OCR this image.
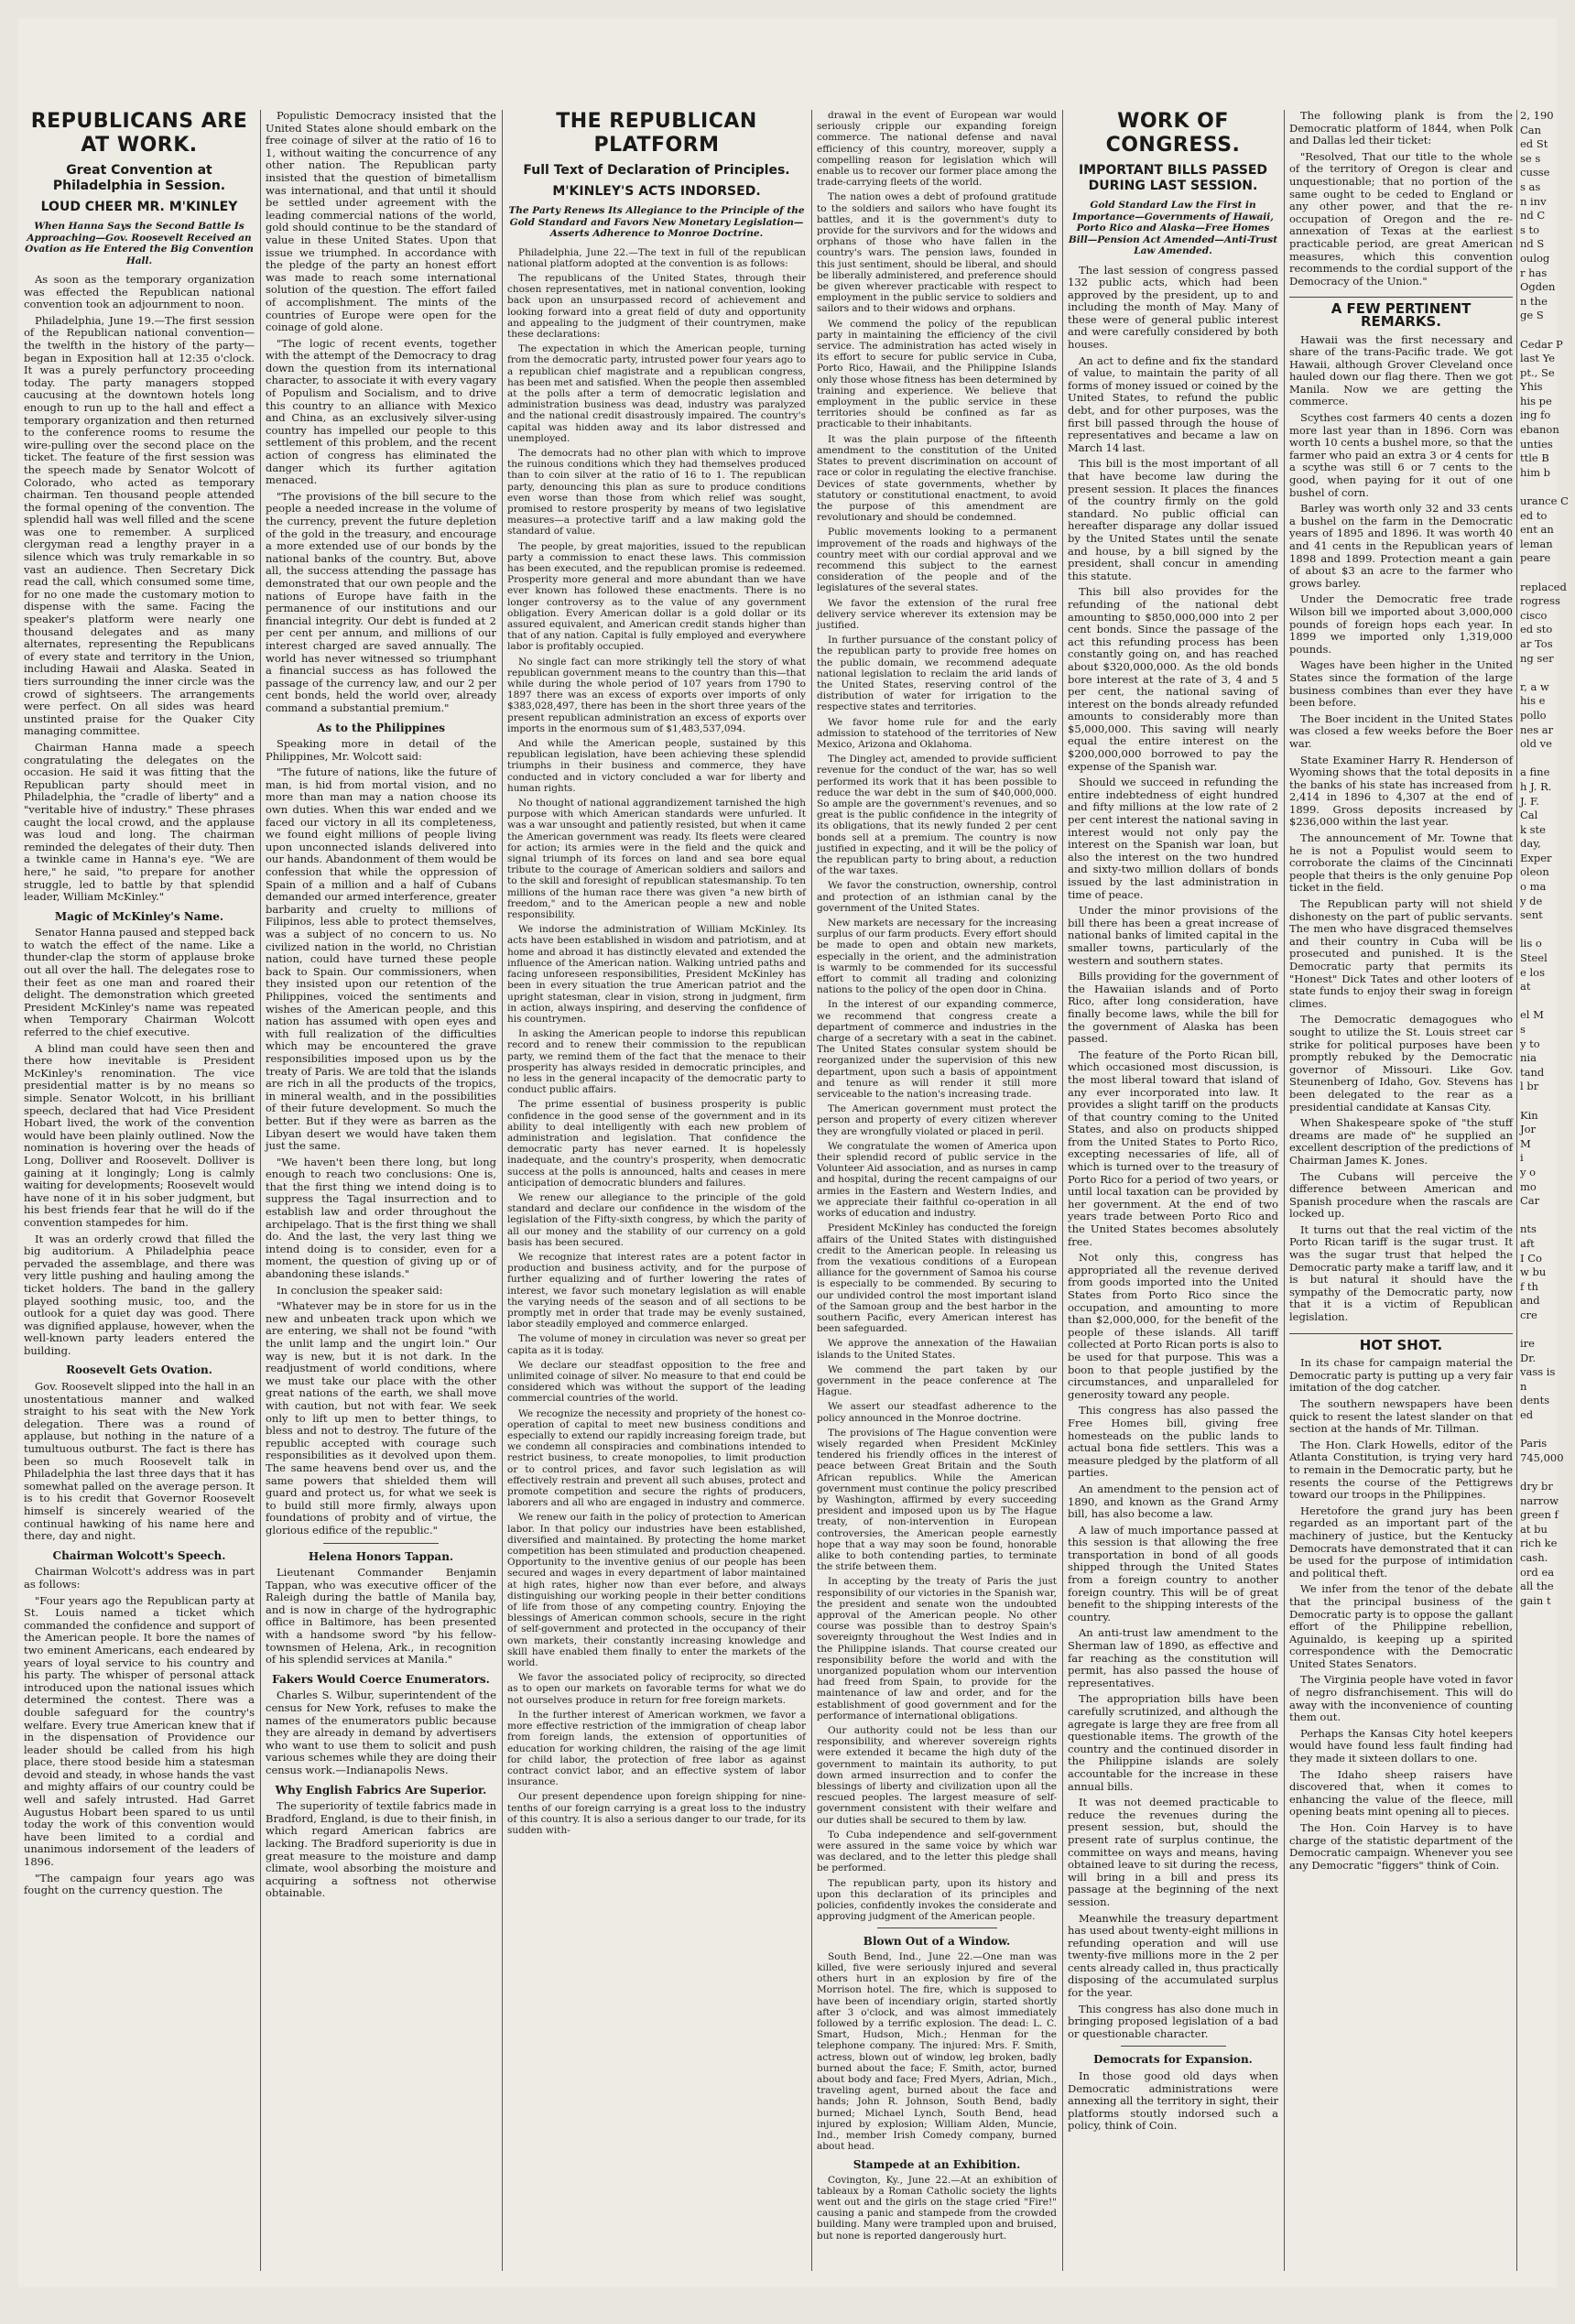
REPUBLICANS ARE AT WORK.
Great Convention at Philadelphia in Session.
LOUD CHEER MR. M'KINLEY
When Hanna Says the Second Battle Is Approaching—Gov. Roosevelt Received an Ovation as He Entered the Big Convention Hall.

As soon as the temporary organization was effected the Republican national convention took an adjournment to noon.

Philadelphia, June 19.—The first session of the Republican national convention—the twelfth in the history of the party—began in Exposition hall at 12:35 o'clock. It was a purely perfunctory proceeding today. The party managers stopped caucusing at the downtown hotels long enough to run up to the hall and effect a temporary organization and then returned to the conference rooms to resume the wire-pulling over the second place on the ticket. The feature of the first session was the speech made by Senator Wolcott of Colorado, who acted as temporary chairman. Ten thousand people attended the formal opening of the convention. The splendid hall was well filled and the scene was one to remember. A surpliced clergyman read a lengthy prayer in a silence which was truly remarkable in so vast an audience. Then Secretary Dick read the call, which consumed some time, for no one made the customary motion to dispense with the same. Facing the speaker's platform were nearly one thousand delegates and as many alternates, representing the Republicans of every state and territory in the Union, including Hawaii and Alaska. Seated in tiers surrounding the inner circle was the crowd of sightseers. The arrangements were perfect. On all sides was heard unstinted praise for the Quaker City managing committee.

Chairman Hanna made a speech congratulating the delegates on the occasion. He said it was fitting that the Republican party should meet in Philadelphia, the "cradle of liberty" and a "veritable hive of industry." These phrases caught the local crowd, and the applause was loud and long. The chairman reminded the delegates of their duty. Then a twinkle came in Hanna's eye. "We are here," he said, "to prepare for another struggle, led to battle by that splendid leader, William McKinley."

Magic of McKinley's Name.

Senator Hanna paused and stepped back to watch the effect of the name. Like a thunder-clap the storm of applause broke out all over the hall. The delegates rose to their feet as one man and roared their delight. The demonstration which greeted President McKinley's name was repeated when Temporary Chairman Wolcott referred to the chief executive.

A blind man could have seen then and there how inevitable is President McKinley's renomination. The vice presidential matter is by no means so simple. Senator Wolcott, in his brilliant speech, declared that had Vice President Hobart lived, the work of the convention would have been plainly outlined. Now the nomination is hovering over the heads of Long, Dolliver and Roosevelt. Dolliver is gaining at it longingly; Long is calmly waiting for developments; Roosevelt would have none of it in his sober judgment, but his best friends fear that he will do if the convention stampedes for him.

It was an orderly crowd that filled the big auditorium. A Philadelphia peace pervaded the assemblage, and there was very little pushing and hauling among the ticket holders. The band in the gallery played soothing music, too, and the outlook for a quiet day was good. There was dignified applause, however, when the well-known party leaders entered the building.

Roosevelt Gets Ovation.

Gov. Roosevelt slipped into the hall in an unostentatious manner and walked straight to his seat with the New York delegation. There was a round of applause, but nothing in the nature of a tumultuous outburst. The fact is there has been so much Roosevelt talk in Philadelphia the last three days that it has somewhat palled on the average person. It is to his credit that Governor Roosevelt himself is sincerely wearied of the continual hawking of his name here and there, day and night.

Chairman Wolcott's Speech.

Chairman Wolcott's address was in part as follows:

"Four years ago the Republican party at St. Louis named a ticket which commanded the confidence and support of the American people. It bore the names of two eminent Americans, each endeared by years of loyal service to his country and his party. The whisper of personal attack introduced upon the national issues which determined the contest. There was a double safeguard for the country's welfare. Every true American knew that if in the dispensation of Providence our leader should be called from his high place, there stood beside him a statesman devoid and steady, in whose hands the vast and mighty affairs of our country could be well and safely intrusted. Had Garret Augustus Hobart been spared to us until today the work of this convention would have been limited to a cordial and unanimous indorsement of the leaders of 1896.

"The campaign four years ago was fought on the currency question. The

Populistic Democracy insisted that the United States alone should embark on the free coinage of silver at the ratio of 16 to 1, without waiting the concurrence of any other nation. The Republican party insisted that the question of bimetallism was international, and that until it should be settled under agreement with the leading commercial nations of the world, gold should continue to be the standard of value in these United States. Upon that issue we triumphed. In accordance with the pledge of the party an honest effort was made to reach some international solution of the question. The effort failed of accomplishment. The mints of the countries of Europe were open for the coinage of gold alone.

"The logic of recent events, together with the attempt of the Democracy to drag down the question from its international character, to associate it with every vagary of Populism and Socialism, and to drive this country to an alliance with Mexico and China, as an exclusively silver-using country has impelled our people to this settlement of this problem, and the recent action of congress has eliminated the danger which its further agitation menaced.

"The provisions of the bill secure to the people a needed increase in the volume of the currency, prevent the future depletion of the gold in the treasury, and encourage a more extended use of our bonds by the national banks of the country. But, above all, the success attending the passage has demonstrated that our own people and the nations of Europe have faith in the permanence of our institutions and our financial integrity. Our debt is funded at 2 per cent per annum, and millions of our interest charged are saved annually. The world has never witnessed so triumphant a financial success as has followed the passage of the currency law, and our 2 per cent bonds, held the world over, already command a substantial premium."

As to the Philippines

Speaking more in detail of the Philippines, Mr. Wolcott said:

"The future of nations, like the future of man, is hid from mortal vision, and no more than man may a nation choose its own duties. When this war ended and we faced our victory in all its completeness, we found eight millions of people living upon unconnected islands delivered into our hands. Abandonment of them would be confession that while the oppression of Spain of a million and a half of Cubans demanded our armed interference, greater barbarity and cruelty to millions of Filipinos, less able to protect themselves, was a subject of no concern to us. No civilized nation in the world, no Christian nation, could have turned these people back to Spain. Our commissioners, when they insisted upon our retention of the Philippines, voiced the sentiments and wishes of the American people, and this nation has assumed with open eyes and with full realization of the difficulties which may be encountered the grave responsibilities imposed upon us by the treaty of Paris. We are told that the islands are rich in all the products of the tropics, in mineral wealth, and in the possibilities of their future development. So much the better. But if they were as barren as the Libyan desert we would have taken them just the same.

"We haven't been there long, but long enough to reach two conclusions: One is, that the first thing we intend doing is to suppress the Tagal insurrection and to establish law and order throughout the archipelago. That is the first thing we shall do. And the last, the very last thing we intend doing is to consider, even for a moment, the question of giving up or of abandoning these islands."

In conclusion the speaker said:

"Whatever may be in store for us in the new and unbeaten track upon which we are entering, we shall not be found "with the unlit lamp and the ungirt loin." Our way is new, but it is not dark. In the readjustment of world conditions, where we must take our place with the other great nations of the earth, we shall move with caution, but not with fear. We seek only to lift up men to better things, to bless and not to destroy. The future of the republic accepted with courage such responsibilities as it devolved upon them. The same heavens bend over us, and the same powers that shielded them will guard and protect us, for what we seek is to build still more firmly, always upon foundations of probity and of virtue, the glorious edifice of the republic."

Helena Honors Tappan.

Lieutenant Commander Benjamin Tappan, who was executive officer of the Raleigh during the battle of Manila bay, and is now in charge of the hydrographic office in Baltimore, has been presented with a handsome sword "by his fellow-townsmen of Helena, Ark., in recognition of his splendid services at Manila."

Fakers Would Coerce Enumerators.

Charles S. Wilbur, superintendent of the census for New York, refuses to make the names of the enumerators public because they are already in demand by advertisers who want to use them to solicit and push various schemes while they are doing their census work.—Indianapolis News.

Why English Fabrics Are Superior.

The superiority of textile fabrics made in Bradford, England, is due to their finish, in which regard American fabrics are lacking. The Bradford superiority is due in great measure to the moisture and damp climate, wool absorbing the moisture and acquiring a softness not otherwise obtainable.

THE REPUBLICAN PLATFORM
Full Text of Declaration of Principles.
M'KINLEY'S ACTS INDORSED.
The Party Renews Its Allegiance to the Principle of the Gold Standard and Favors New Monetary Legislation—Asserts Adherence to Monroe Doctrine.

Philadelphia, June 22.—The text in full of the republican national platform adopted at the convention is as follows:

The republicans of the United States, through their chosen representatives, met in national convention, looking back upon an unsurpassed record of achievement and looking forward into a great field of duty and opportunity and appealing to the judgment of their countrymen, make these declarations:

The expectation in which the American people, turning from the democratic party, intrusted power four years ago to a republican chief magistrate and a republican congress, has been met and satisfied. When the people then assembled at the polls after a term of democratic legislation and administration business was dead, industry was paralyzed and the national credit disastrously impaired. The country's capital was hidden away and its labor distressed and unemployed.

The democrats had no other plan with which to improve the ruinous conditions which they had themselves produced than to coin silver at the ratio of 16 to 1. The republican party, denouncing this plan as sure to produce conditions even worse than those from which relief was sought, promised to restore prosperity by means of two legislative measures—a protective tariff and a law making gold the standard of value.

The people, by great majorities, issued to the republican party a commission to enact these laws. This commission has been executed, and the republican promise is redeemed. Prosperity more general and more abundant than we have ever known has followed these enactments. There is no longer controversy as to the value of any government obligation. Every American dollar is a gold dollar or its assured equivalent, and American credit stands higher than that of any nation. Capital is fully employed and everywhere labor is profitably occupied.

No single fact can more strikingly tell the story of what republican government means to the country than this—that while during the whole period of 107 years from 1790 to 1897 there was an excess of exports over imports of only $383,028,497, there has been in the short three years of the present republican administration an excess of exports over imports in the enormous sum of $1,483,537,094.

And while the American people, sustained by this republican legislation, have been achieving these splendid triumphs in their business and commerce, they have conducted and in victory concluded a war for liberty and human rights.

No thought of national aggrandizement tarnished the high purpose with which American standards were unfurled. It was a war unsought and patiently resisted, but when it came the American government was ready. Its fleets were cleared for action; its armies were in the field and the quick and signal triumph of its forces on land and sea bore equal tribute to the courage of American soldiers and sailors and to the skill and foresight of republican statesmanship. To ten millions of the human race there was given "a new birth of freedom," and to the American people a new and noble responsibility.

We indorse the administration of William McKinley. Its acts have been established in wisdom and patriotism, and at home and abroad it has distinctly elevated and extended the influence of the American nation. Walking untried paths and facing unforeseen responsibilities, President McKinley has been in every situation the true American patriot and the upright statesman, clear in vision, strong in judgment, firm in action, always inspiring, and deserving the confidence of his countrymen.

In asking the American people to indorse this republican record and to renew their commission to the republican party, we remind them of the fact that the menace to their prosperity has always resided in democratic principles, and no less in the general incapacity of the democratic party to conduct public affairs.

The prime essential of business prosperity is public confidence in the good sense of the government and in its ability to deal intelligently with each new problem of administration and legislation. That confidence the democratic party has never earned. It is hopelessly inadequate, and the country's prosperity, when democratic success at the polls is announced, halts and ceases in mere anticipation of democratic blunders and failures.

We renew our allegiance to the principle of the gold standard and declare our confidence in the wisdom of the legislation of the Fifty-sixth congress, by which the parity of all our money and the stability of our currency on a gold basis has been secured.

We recognize that interest rates are a potent factor in production and business activity, and for the purpose of further equalizing and of further lowering the rates of interest, we favor such monetary legislation as will enable the varying needs of the season and of all sections to be promptly met in order that trade may be evenly sustained, labor steadily employed and commerce enlarged.

The volume of money in circulation was never so great per capita as it is today.

We declare our steadfast opposition to the free and unlimited coinage of silver. No measure to that end could be considered which was without the support of the leading commercial countries of the world.

We recognize the necessity and propriety of the honest co-operation of capital to meet new business conditions and especially to extend our rapidly increasing foreign trade, but we condemn all conspiracies and combinations intended to restrict business, to create monopolies, to limit production or to control prices, and favor such legislation as will effectively restrain and prevent all such abuses, protect and promote competition and secure the rights of producers, laborers and all who are engaged in industry and commerce.

We renew our faith in the policy of protection to American labor. In that policy our industries have been established, diversified and maintained. By protecting the home market competition has been stimulated and production cheapened. Opportunity to the inventive genius of our people has been secured and wages in every department of labor maintained at high rates, higher now than ever before, and always distinguishing our working people in their better conditions of life from those of any competing country. Enjoying the blessings of American common schools, secure in the right of self-government and protected in the occupancy of their own markets, their constantly increasing knowledge and skill have enabled them finally to enter the markets of the world.

We favor the associated policy of reciprocity, so directed as to open our markets on favorable terms for what we do not ourselves produce in return for free foreign markets.

In the further interest of American workmen, we favor a more effective restriction of the immigration of cheap labor from foreign lands, the extension of opportunities of education for working children, the raising of the age limit for child labor, the protection of free labor as against contract convict labor, and an effective system of labor insurance.

Our present dependence upon foreign shipping for nine-tenths of our foreign carrying is a great loss to the industry of this country. It is also a serious danger to our trade, for its sudden with-

drawal in the event of European war would seriously cripple our expanding foreign commerce. The national defense and naval efficiency of this country, moreover, supply a compelling reason for legislation which will enable us to recover our former place among the trade-carrying fleets of the world.

The nation owes a debt of profound gratitude to the soldiers and sailors who have fought its battles, and it is the government's duty to provide for the survivors and for the widows and orphans of those who have fallen in the country's wars. The pension laws, founded in this just sentiment, should be liberal, and should be liberally administered, and preference should be given wherever practicable with respect to employment in the public service to soldiers and sailors and to their widows and orphans.

We commend the policy of the republican party in maintaining the efficiency of the civil service. The administration has acted wisely in its effort to secure for public service in Cuba, Porto Rico, Hawaii, and the Philippine Islands only those whose fitness has been determined by training and experience. We believe that employment in the public service in these territories should be confined as far as practicable to their inhabitants.

It was the plain purpose of the fifteenth amendment to the constitution of the United States to prevent discrimination on account of race or color in regulating the elective franchise. Devices of state governments, whether by statutory or constitutional enactment, to avoid the purpose of this amendment are revolutionary and should be condemned.

Public movements looking to a permanent improvement of the roads and highways of the country meet with our cordial approval and we recommend this subject to the earnest consideration of the people and of the legislatures of the several states.

We favor the extension of the rural free delivery service wherever its extension may be justified.

In further pursuance of the constant policy of the republican party to provide free homes on the public domain, we recommend adequate national legislation to reclaim the arid lands of the United States, reserving control of the distribution of water for irrigation to the respective states and territories.

We favor home rule for and the early admission to statehood of the territories of New Mexico, Arizona and Oklahoma.

The Dingley act, amended to provide sufficient revenue for the conduct of the war, has so well performed its work that it has been possible to reduce the war debt in the sum of $40,000,000. So ample are the government's revenues, and so great is the public confidence in the integrity of its obligations, that its newly funded 2 per cent bonds sell at a premium. The country is now justified in expecting, and it will be the policy of the republican party to bring about, a reduction of the war taxes.

We favor the construction, ownership, control and protection of an isthmian canal by the government of the United States.

New markets are necessary for the increasing surplus of our farm products. Every effort should be made to open and obtain new markets, especially in the orient, and the administration is warmly to be commended for its successful effort to commit all trading and colonizing nations to the policy of the open door in China.

In the interest of our expanding commerce, we recommend that congress create a department of commerce and industries in the charge of a secretary with a seat in the cabinet. The United States consular system should be reorganized under the supervision of this new department, upon such a basis of appointment and tenure as will render it still more serviceable to the nation's increasing trade.

The American government must protect the person and property of every citizen wherever they are wrongfully violated or placed in peril.

We congratulate the women of America upon their splendid record of public service in the Volunteer Aid association, and as nurses in camp and hospital, during the recent campaigns of our armies in the Eastern and Western Indies, and we appreciate their faithful co-operation in all works of education and industry.

President McKinley has conducted the foreign affairs of the United States with distinguished credit to the American people. In releasing us from the vexatious conditions of a European alliance for the government of Samoa his course is especially to be commended. By securing to our undivided control the most important island of the Samoan group and the best harbor in the southern Pacific, every American interest has been safeguarded.

We approve the annexation of the Hawaiian islands to the United States.

We commend the part taken by our government in the peace conference at The Hague.

We assert our steadfast adherence to the policy announced in the Monroe doctrine.

The provisions of The Hague convention were wisely regarded when President McKinley tendered his friendly offices in the interest of peace between Great Britain and the South African republics. While the American government must continue the policy prescribed by Washington, affirmed by every succeeding president and imposed upon us by The Hague treaty, of non-intervention in European controversies, the American people earnestly hope that a way may soon be found, honorable alike to both contending parties, to terminate the strife between them.

In accepting by the treaty of Paris the just responsibility of our victories in the Spanish war, the president and senate won the undoubted approval of the American people. No other course was possible than to destroy Spain's sovereignty throughout the West Indies and in the Philippine islands. That course created our responsibility before the world and with the unorganized population whom our intervention had freed from Spain, to provide for the maintenance of law and order, and for the establishment of good government and for the performance of international obligations.

Our authority could not be less than our responsibility, and wherever sovereign rights were extended it became the high duty of the government to maintain its authority, to put down armed insurrection and to confer the blessings of liberty and civilization upon all the rescued peoples. The largest measure of self-government consistent with their welfare and our duties shall be secured to them by law.

To Cuba independence and self-government were assured in the same voice by which war was declared, and to the letter this pledge shall be performed.

The republican party, upon its history and upon this declaration of its principles and policies, confidently invokes the considerate and approving judgment of the American people.

Blown Out of a Window.

South Bend, Ind., June 22.—One man was killed, five were seriously injured and several others hurt in an explosion by fire of the Morrison hotel. The fire, which is supposed to have been of incendiary origin, started shortly after 3 o'clock, and was almost immediately followed by a terrific explosion. The dead: L. C. Smart, Hudson, Mich.; Henman for the telephone company. The injured: Mrs. F. Smith, actress, blown out of window, leg broken, badly burned about the face; F. Smith, actor, burned about body and face; Fred Myers, Adrian, Mich., traveling agent, burned about the face and hands; John R. Johnson, South Bend, badly burned; Michael Lynch, South Bend, head injured by explosion; William Alden, Muncie, Ind., member Irish Comedy company, burned about head.

Stampede at an Exhibition.

Covington, Ky., June 22.—At an exhibition of tableaux by a Roman Catholic society the lights went out and the girls on the stage cried "Fire!" causing a panic and stampede from the crowded building. Many were trampled upon and bruised, but none is reported dangerously hurt.

WORK OF CONGRESS.
IMPORTANT BILLS PASSED DURING LAST SESSION.
Gold Standard Law the First in Importance—Governments of Hawaii, Porto Rico and Alaska—Free Homes Bill—Pension Act Amended—Anti-Trust Law Amended.

The last session of congress passed 132 public acts, which had been approved by the president, up to and including the month of May. Many of these were of general public interest and were carefully considered by both houses.

An act to define and fix the standard of value, to maintain the parity of all forms of money issued or coined by the United States, to refund the public debt, and for other purposes, was the first bill passed through the house of representatives and became a law on March 14 last.

This bill is the most important of all that have become law during the present session. It places the finances of the country firmly on the gold standard. No public official can hereafter disparage any dollar issued by the United States until the senate and house, by a bill signed by the president, shall concur in amending this statute.

This bill also provides for the refunding of the national debt amounting to $850,000,000 into 2 per cent bonds. Since the passage of the act this refunding process has been constantly going on, and has reached about $320,000,000. As the old bonds bore interest at the rate of 3, 4 and 5 per cent, the national saving of interest on the bonds already refunded amounts to considerably more than $5,000,000. This saving will nearly equal the entire interest on the $200,000,000 borrowed to pay the expense of the Spanish war.

Should we succeed in refunding the entire indebtedness of eight hundred and fifty millions at the low rate of 2 per cent interest the national saving in interest would not only pay the interest on the Spanish war loan, but also the interest on the two hundred and sixty-two million dollars of bonds issued by the last administration in time of peace.

Under the minor provisions of the bill there has been a great increase of national banks of limited capital in the smaller towns, particularly of the western and southern states.

Bills providing for the government of the Hawaiian islands and of Porto Rico, after long consideration, have finally become laws, while the bill for the government of Alaska has been passed.

The feature of the Porto Rican bill, which occasioned most discussion, is the most liberal toward that island of any ever incorporated into law. It provides a slight tariff on the products of that country coming to the United States, and also on products shipped from the United States to Porto Rico, excepting necessaries of life, all of which is turned over to the treasury of Porto Rico for a period of two years, or until local taxation can be provided by her government. At the end of two years trade between Porto Rico and the United States becomes absolutely free.

Not only this, congress has appropriated all the revenue derived from goods imported into the United States from Porto Rico since the occupation, and amounting to more than $2,000,000, for the benefit of the people of these islands. All tariff collected at Porto Rican ports is also to be used for that purpose. This was a boon to that people justified by the circumstances, and unparalleled for generosity toward any people.

This congress has also passed the Free Homes bill, giving free homesteads on the public lands to actual bona fide settlers. This was a measure pledged by the platform of all parties.

An amendment to the pension act of 1890, and known as the Grand Army bill, has also become a law.

A law of much importance passed at this session is that allowing the free transportation in bond of all goods shipped through the United States from a foreign country to another foreign country. This will be of great benefit to the shipping interests of the country.

An anti-trust law amendment to the Sherman law of 1890, as effective and far reaching as the constitution will permit, has also passed the house of representatives.

The appropriation bills have been carefully scrutinized, and although the agregate is large they are free from all questionable items. The growth of the country and the continued disorder in the Philippine islands are solely accountable for the increase in these annual bills.

It was not deemed practicable to reduce the revenues during the present session, but, should the present rate of surplus continue, the committee on ways and means, having obtained leave to sit during the recess, will bring in a bill and press its passage at the beginning of the next session.

Meanwhile the treasury department has used about twenty-eight millions in refunding operation and will use twenty-five millions more in the 2 per cents already called in, thus practically disposing of the accumulated surplus for the year.

This congress has also done much in bringing proposed legislation of a bad or questionable character.

Democrats for Expansion.

In those good old days when Democratic administrations were annexing all the territory in sight, their platforms stoutly indorsed such a policy, think of Coin.

The following plank is from the Democratic platform of 1844, when Polk and Dallas led their ticket:

"Resolved, That our title to the whole of the territory of Oregon is clear and unquestionable; that no portion of the same ought to be ceded to England or any other power, and that the re-occupation of Oregon and the re-annexation of Texas at the earliest practicable period, are great American measures, which this convention recommends to the cordial support of the Democracy of the Union."

A FEW PERTINENT REMARKS.

Hawaii was the first necessary and share of the trans-Pacific trade. We got Hawaii, although Grover Cleveland once hauled down our flag there. Then we got Manila. Now we are getting the commerce.

Scythes cost farmers 40 cents a dozen more last year than in 1896. Corn was worth 10 cents a bushel more, so that the farmer who paid an extra 3 or 4 cents for a scythe was still 6 or 7 cents to the good, when paying for it out of one bushel of corn.

Barley was worth only 32 and 33 cents a bushel on the farm in the Democratic years of 1895 and 1896. It was worth 40 and 41 cents in the Republican years of 1898 and 1899. Protection meant a gain of about $3 an acre to the farmer who grows barley.

Under the Democratic free trade Wilson bill we imported about 3,000,000 pounds of foreign hops each year. In 1899 we imported only 1,319,000 pounds.

Wages have been higher in the United States since the formation of the large business combines than ever they have been before.

The Boer incident in the United States was closed a few weeks before the Boer war.

State Examiner Harry R. Henderson of Wyoming shows that the total deposits in the banks of his state has increased from 2,414 in 1896 to 4,307 at the end of 1899. Gross deposits increased by $236,000 within the last year.

The announcement of Mr. Towne that he is not a Populist would seem to corroborate the claims of the Cincinnati people that theirs is the only genuine Pop ticket in the field.

The Republican party will not shield dishonesty on the part of public servants. The men who have disgraced themselves and their country in Cuba will be prosecuted and punished. It is the Democratic party that permits its "Honest" Dick Tates and other looters of state funds to enjoy their swag in foreign climes.

The Democratic demagogues who sought to utilize the St. Louis street car strike for political purposes have been promptly rebuked by the Democratic governor of Missouri. Like Gov. Steunenberg of Idaho, Gov. Stevens has been delegated to the rear as a presidential candidate at Kansas City.

When Shakespeare spoke of "the stuff dreams are made of" he supplied an excellent description of the predictions of Chairman James K. Jones.

The Cubans will perceive the difference between American and Spanish procedure when the rascals are locked up.

It turns out that the real victim of the Porto Rican tariff is the sugar trust. It was the sugar trust that helped the Democratic party make a tariff law, and it is but natural it should have the sympathy of the Democratic party, now that it is a victim of Republican legislation.

HOT SHOT.

In its chase for campaign material the Democratic party is putting up a very fair imitation of the dog catcher.

The southern newspapers have been quick to resent the latest slander on that section at the hands of Mr. Tillman.

The Hon. Clark Howells, editor of the Atlanta Constitution, is trying very hard to remain in the Democratic party, but he resents the course of the Pettigrews toward our troops in the Philippines.

Heretofore the grand jury has been regarded as an important part of the machinery of justice, but the Kentucky Democrats have demonstrated that it can be used for the purpose of intimidation and political theft.

We infer from the tenor of the debate that the principal business of the Democratic party is to oppose the gallant effort of the Philippine rebellion, Aguinaldo, is keeping up a spirited correspondence with the Democratic United States Senators.

The Virginia people have voted in favor of negro disfranchisement. This will do away with the inconvenience of counting them out.

Perhaps the Kansas City hotel keepers would have found less fault finding had they made it sixteen dollars to one.

The Idaho sheep raisers have discovered that, when it comes to enhancing the value of the fleece, mill opening beats mint opening all to pieces.

The Hon. Coin Harvey is to have charge of the statistic department of the Democratic campaign. Whenever you see any Democratic "figgers" think of Coin.

2, 190

Can

ed St

se s

cusse

s as

n inv

nd C

s to

nd S

oulog

r has

Ogden

n the

ge S

Cedar P

last Ye

pt., Se

Yhis

his pe

ing fo

ebanon

unties

ttle B

him b

urance C

ed to

ent an

leman

peare

replaced

rogress

cisco

ed sto

ar Tos

ng ser

r, a w

his e

pollo

nes ar

old ve

a fine

h J. R.

J. F.

Cal

k ste

day,

Exper

oleon

o ma

y de

sent

lis o

Steel

e los

at

el M

s

y to

nia

tand

l br

Kin

Jor

M

i

y o

mo

Car

nts

aft

I Co

w bu

f th

and

cre

ire

Dr.

vass is

n

dents

ed

Paris

745,000

dry br

narrow

green f

at bu

rich ke

cash.

ord ea

all the

gain t
